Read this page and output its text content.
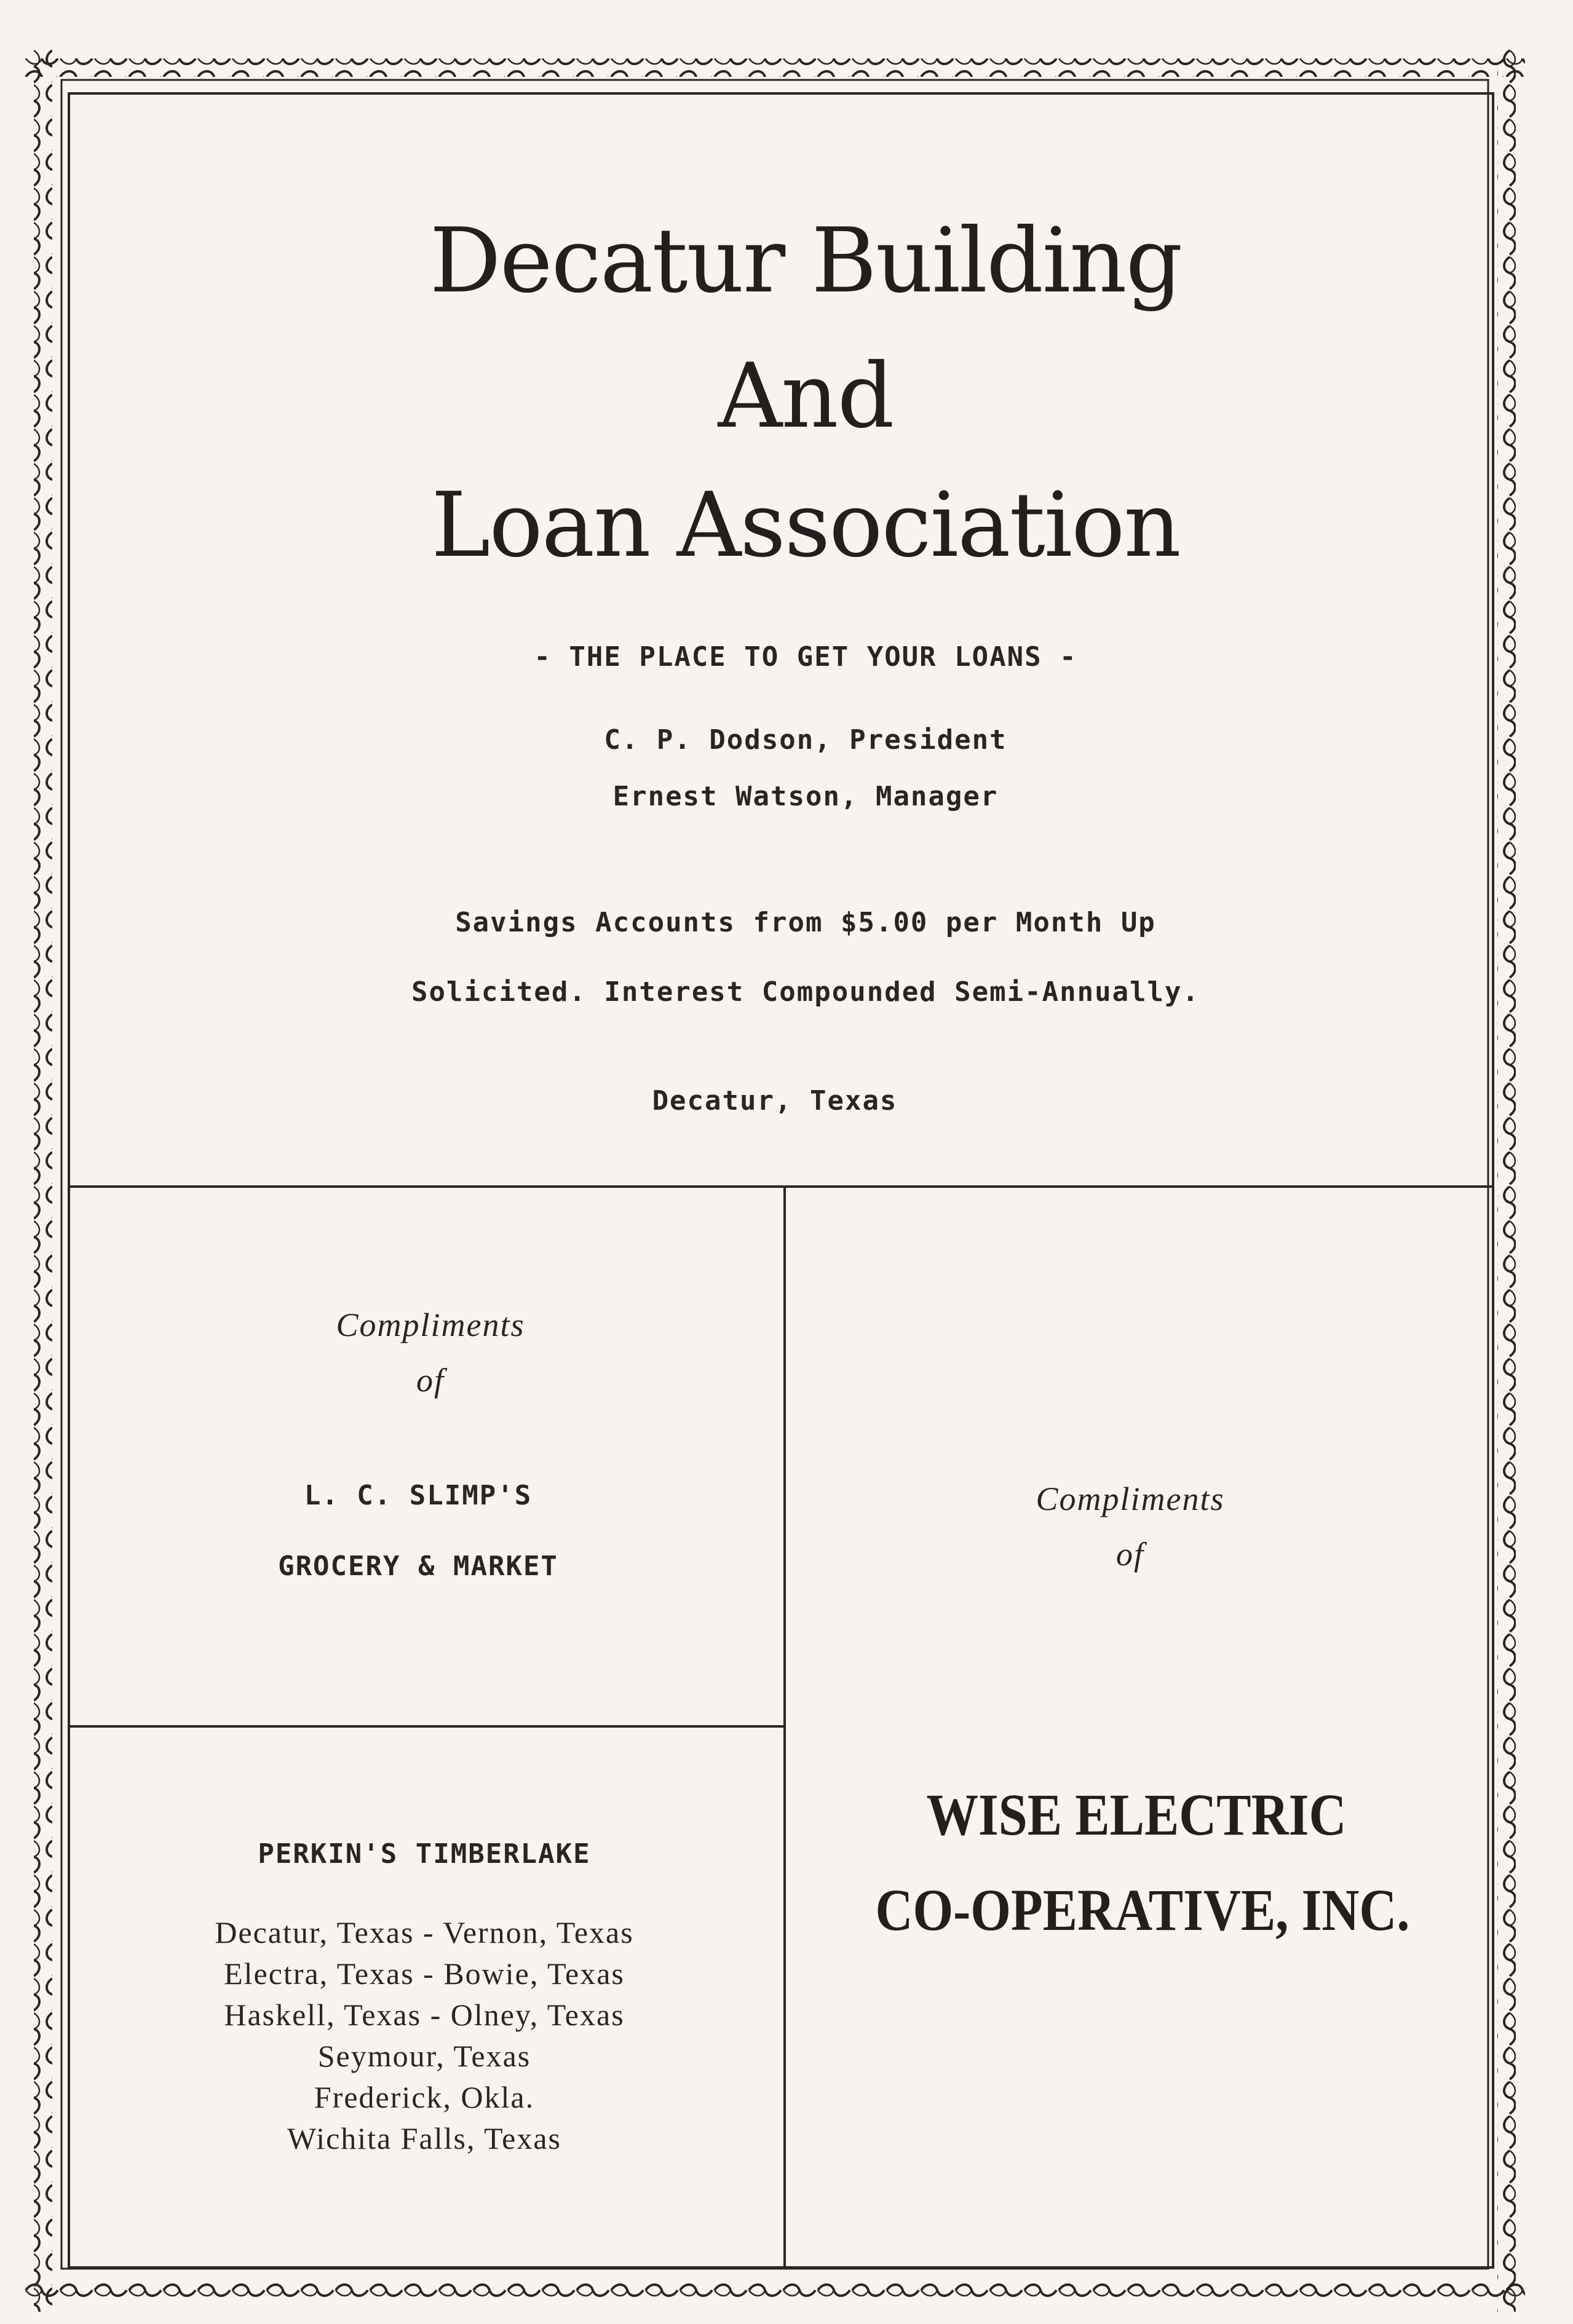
Decatur Building
And
Loan Association
- THE PLACE TO GET YOUR LOANS -
C. P. Dodson, President
Ernest Watson, Manager
Savings Accounts from $5.00 per Month Up
Solicited. Interest Compounded Semi-Annually.
Decatur, Texas
Compliments
of
L. C. SLIMP'S
GROCERY & MARKET
PERKIN'S TIMBERLAKE
Decatur, Texas - Vernon, Texas
Electra, Texas - Bowie, Texas
Haskell, Texas - Olney, Texas
Seymour, Texas
Frederick, Okla.
Wichita Falls, Texas
Compliments
of
WISE ELECTRIC
CO-OPERATIVE, INC.
